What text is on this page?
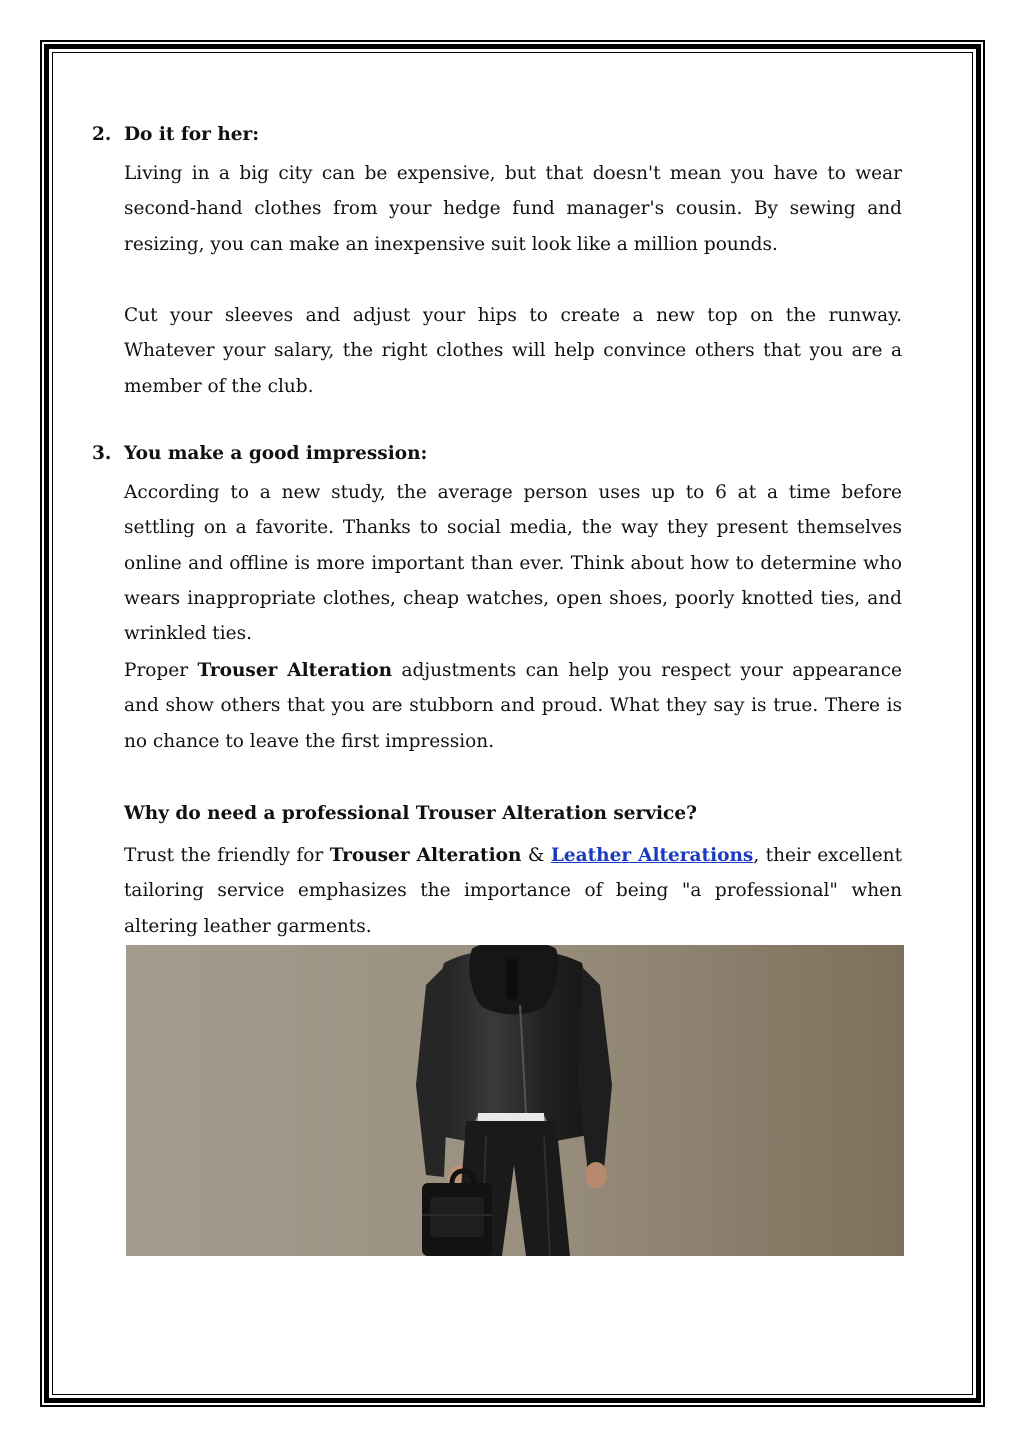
2. Do it for her:

Living in a big city can be expensive, but that doesn't mean you have to wear second-hand clothes from your hedge fund manager's cousin. By sewing and resizing, you can make an inexpensive suit look like a million pounds.

Cut your sleeves and adjust your hips to create a new top on the runway. Whatever your salary, the right clothes will help convince others that you are a member of the club.

3. You make a good impression:

According to a new study, the average person uses up to 6 at a time before settling on a favorite. Thanks to social media, the way they present themselves online and offline is more important than ever. Think about how to determine who wears inappropriate clothes, cheap watches, open shoes, poorly knotted ties, and wrinkled ties.

Proper Trouser Alteration adjustments can help you respect your appearance and show others that you are stubborn and proud. What they say is true. There is no chance to leave the first impression.

Why do need a professional Trouser Alteration service?

Trust the friendly for Trouser Alteration & Leather Alterations, their excellent tailoring service emphasizes the importance of being "a professional" when altering leather garments.
